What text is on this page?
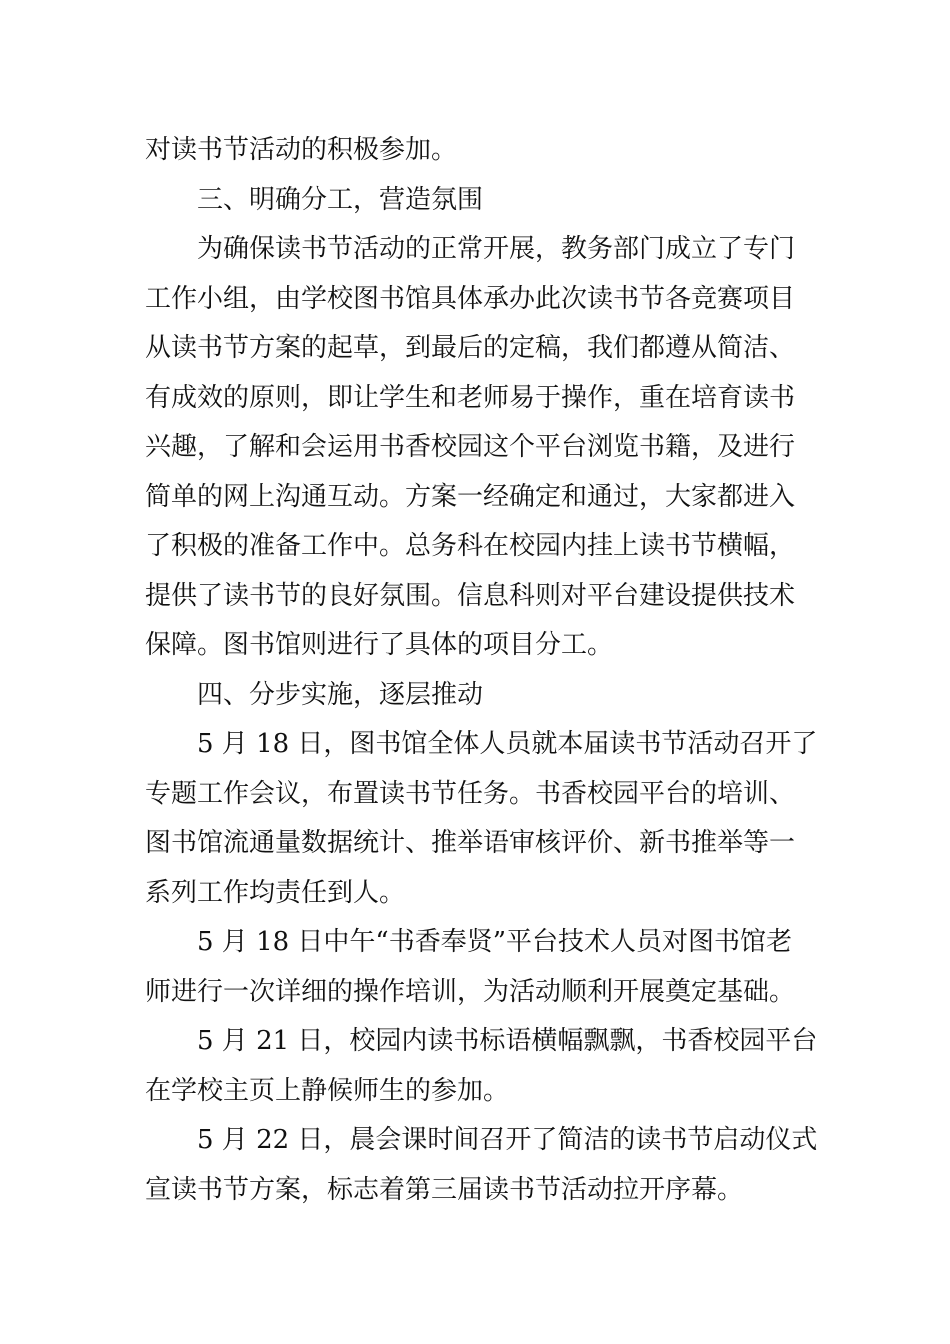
对读书节活动的积极参加。
三、明确分工，营造氛围
为确保读书节活动的正常开展，教务部门成立了专门
工作小组，由学校图书馆具体承办此次读书节各竞赛项目
从读书节方案的起草，到最后的定稿，我们都遵从简洁、
有成效的原则，即让学生和老师易于操作，重在培育读书
兴趣，了解和会运用书香校园这个平台浏览书籍，及进行
简单的网上沟通互动。方案一经确定和通过，大家都进入
了积极的准备工作中。总务科在校园内挂上读书节横幅，
提供了读书节的良好氛围。信息科则对平台建设提供技术
保障。图书馆则进行了具体的项目分工。
四、分步实施，逐层推动
5 月 18 日，图书馆全体人员就本届读书节活动召开了
专题工作会议，布置读书节任务。书香校园平台的培训、
图书馆流通量数据统计、推举语审核评价、新书推举等一
系列工作均责任到人。
5 月 18 日中午“书香奉贤”平台技术人员对图书馆老
师进行一次详细的操作培训，为活动顺利开展奠定基础。
5 月 21 日，校园内读书标语横幅飘飘，书香校园平台
在学校主页上静候师生的参加。
5 月 22 日，晨会课时间召开了简洁的读书节启动仪式
宣读书节方案，标志着第三届读书节活动拉开序幕。
